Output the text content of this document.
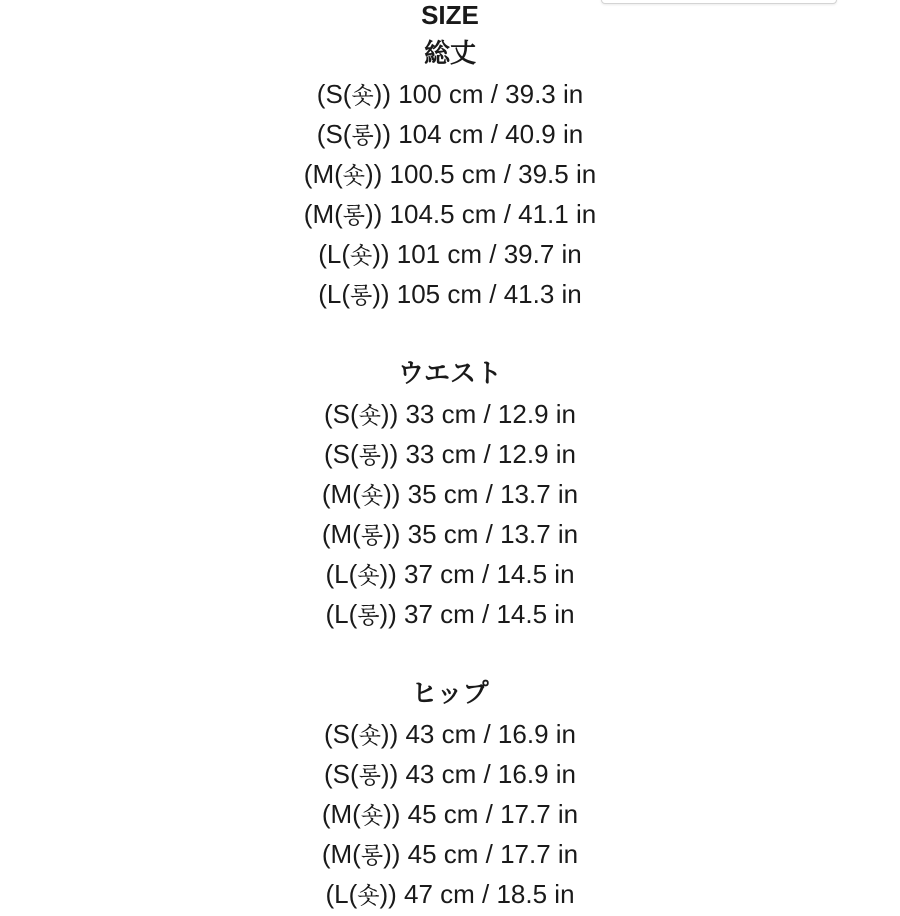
SIZE
総丈
(S(숏)) 100 cm / 39.3 in
(S(롱)) 104 cm / 40.9 in
(M(숏)) 100.5 cm / 39.5 in
(M(롱)) 104.5 cm / 41.1 in
(L(숏)) 101 cm / 39.7 in
(L(롱)) 105 cm / 41.3 in
ウエスト
(S(숏)) 33 cm / 12.9 in
(S(롱)) 33 cm / 12.9 in
(M(숏)) 35 cm / 13.7 in
(M(롱)) 35 cm / 13.7 in
(L(숏)) 37 cm / 14.5 in
(L(롱)) 37 cm / 14.5 in
ヒップ
(S(숏)) 43 cm / 16.9 in
(S(롱)) 43 cm / 16.9 in
(M(숏)) 45 cm / 17.7 in
(M(롱)) 45 cm / 17.7 in
(L(숏)) 47 cm / 18.5 in
